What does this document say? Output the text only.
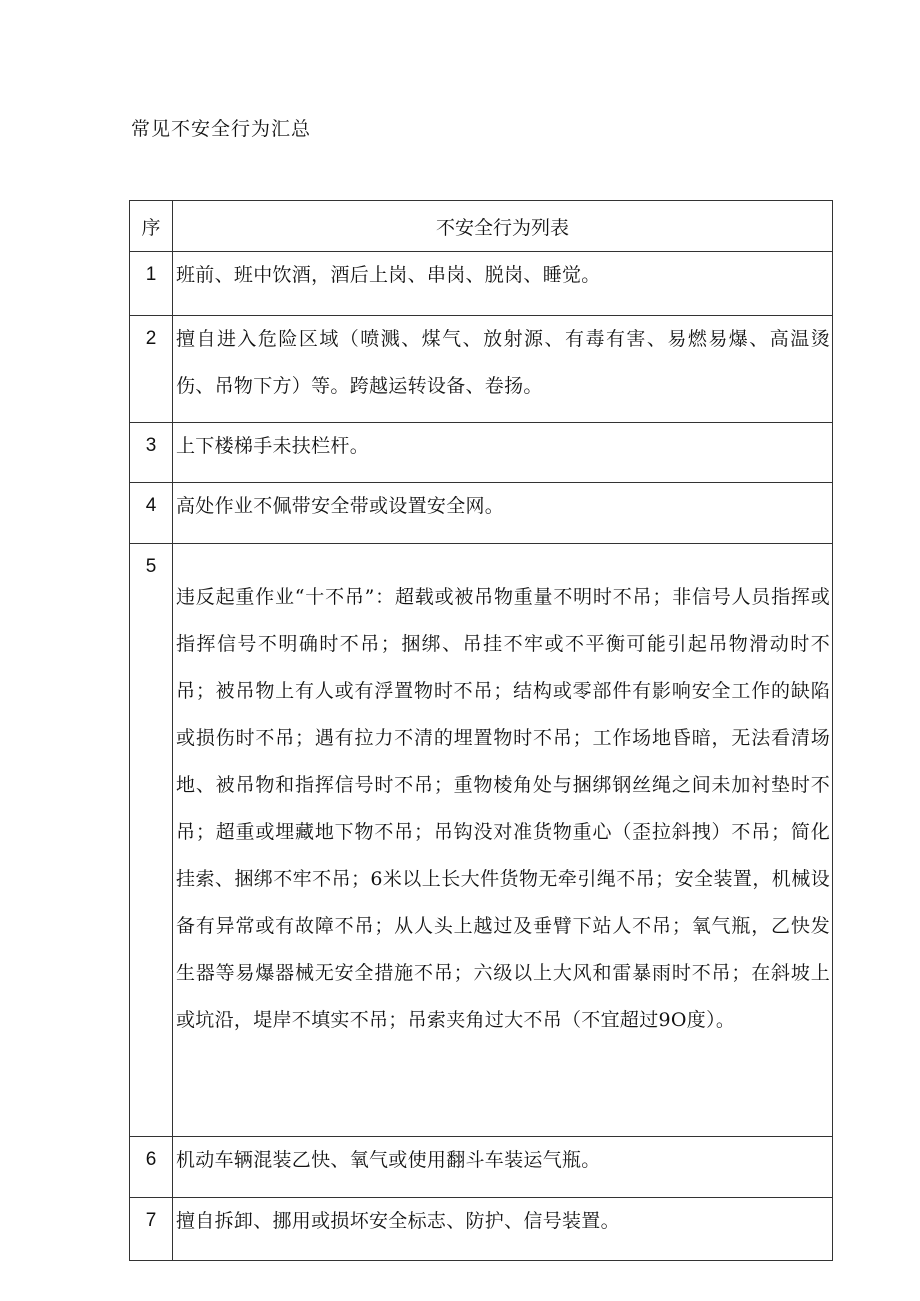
常见不安全行为汇总
序	不安全行为列表
1	班前、班中饮酒，酒后上岗、串岗、脱岗、睡觉。

2	擅自进入危险区域（喷溅、煤气、放射源、有毒有害、易燃易爆、高温烫伤、吊物下方）等。跨越运转设备、卷扬。

3	上下楼梯手未扶栏杆。

4	高处作业不佩带安全带或设置安全网。

5	违反起重作业“十不吊”：超载或被吊物重量不明时不吊；非信号人员指挥或指挥信号不明确时不吊；捆绑、吊挂不牢或不平衡可能引起吊物滑动时不吊；被吊物上有人或有浮置物时不吊；结构或零部件有影响安全工作的缺陷或损伤时不吊；遇有拉力不清的埋置物时不吊；工作场地昏暗，无法看清场地、被吊物和指挥信号时不吊；重物棱角处与捆绑钢丝绳之间未加衬垫时不吊；超重或埋藏地下物不吊；吊钩没对准货物重心（歪拉斜拽）不吊；简化挂索、捆绑不牢不吊；6米以上长大件货物无牵引绳不吊；安全装置，机械设备有异常或有故障不吊；从人头上越过及垂臂下站人不吊；氧气瓶，乙快发生器等易爆器械无安全措施不吊；六级以上大风和雷暴雨时不吊；在斜坡上或坑沿，堤岸不填实不吊；吊索夹角过大不吊（不宜超过9O度）。

6	机动车辆混装乙快、氧气或使用翻斗车装运气瓶。

7	擅自拆卸、挪用或损坏安全标志、防护、信号装置。
